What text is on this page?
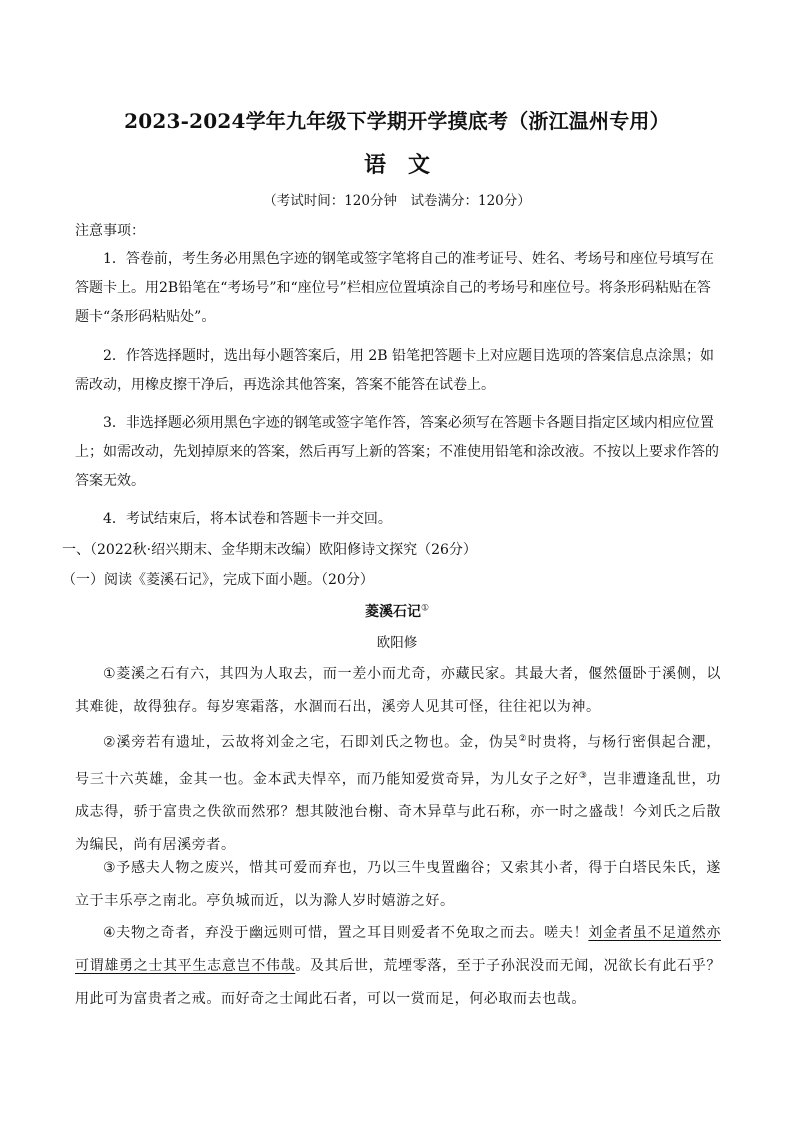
2023-2024学年九年级下学期开学摸底考（浙江温州专用）
语文
（考试时间：120分钟　试卷满分：120分）
注意事项：

1．答卷前，考生务必用黑色字迹的钢笔或签字笔将自己的准考证号、姓名、考场号和座位号填写在答题卡上。用2B铅笔在“考场号”和“座位号”栏相应位置填涂自己的考场号和座位号。将条形码粘贴在答题卡“条形码粘贴处”。

2．作答选择题时，选出每小题答案后，用 2B 铅笔把答题卡上对应题目选项的答案信息点涂黑；如需改动，用橡皮擦干净后，再选涂其他答案，答案不能答在试卷上。

3．非选择题必须用黑色字迹的钢笔或签字笔作答，答案必须写在答题卡各题目指定区域内相应位置上；如需改动，先划掉原来的答案，然后再写上新的答案；不准使用铅笔和涂改液。不按以上要求作答的答案无效。

4．考试结束后，将本试卷和答题卡一并交回。

一、（2022秋·绍兴期末、金华期末改编）欧阳修诗文探究（26分）
（一）阅读《菱溪石记》，完成下面小题。（20分）
菱溪石记①
欧阳修

①菱溪之石有六，其四为人取去，而一差小而尤奇，亦藏民家。其最大者，偃然僵卧于溪侧，以其难徙，故得独存。每岁寒霜落，水涸而石出，溪旁人见其可怪，往往祀以为神。

②溪旁若有遗址，云故将刘金之宅，石即刘氏之物也。金，伪吴②时贵将，与杨行密俱起合淝，号三十六英雄，金其一也。金本武夫悍卒，而乃能知爱赏奇异，为儿女子之好③，岂非遭逢乱世，功成志得，骄于富贵之佚欲而然邪？想其陂池台榭、奇木异草与此石称，亦一时之盛哉！今刘氏之后散为编民，尚有居溪旁者。

③予感夫人物之废兴，惜其可爱而弃也，乃以三牛曳置幽谷；又索其小者，得于白塔民朱氏，遂立于丰乐亭之南北。亭负城而近，以为滁人岁时嬉游之好。

④夫物之奇者，弃没于幽远则可惜，置之耳目则爱者不免取之而去。嗟夫！刘金者虽不足道然亦可谓雄勇之士其平生志意岂不伟哉。及其后世，荒堙零落，至于子孙泯没而无闻，况欲长有此石乎？用此可为富贵者之戒。而好奇之士闻此石者，可以一赏而足，何必取而去也哉。
